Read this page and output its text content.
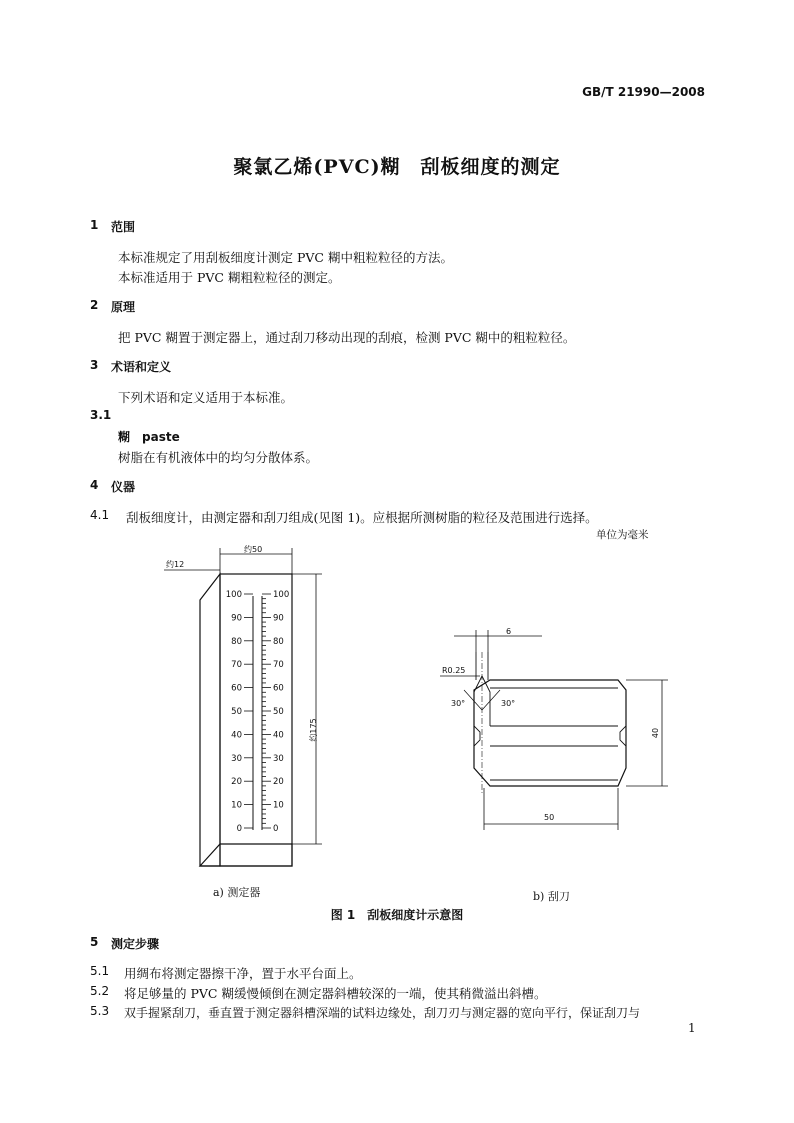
GB/T 21990—2008
聚氯乙烯(PVC)糊　刮板细度的测定
1 范围
本标准规定了用刮板细度计测定 PVC 糊中粗粒粒径的方法。
本标准适用于 PVC 糊粗粒粒径的测定。
2 原理
把 PVC 糊置于测定器上，通过刮刀移动出现的刮痕，检测 PVC 糊中的粗粒粒径。
3 术语和定义
下列术语和定义适用于本标准。
3.1
糊　paste
树脂在有机液体中的均匀分散体系。
4 仪器
4.1 刮板细度计，由测定器和刮刀组成(见图 1)。应根据所测树脂的粒径及范围进行选择。
单位为毫米
约50
约12
约175
100	100
90	90
80	80
70	70
60	60
50	50
40	40
30	30
20	20
10	10
0	0
6
R0.25
30°	30°
40
50
a) 测定器	b) 刮刀
图 1　刮板细度计示意图
5 测定步骤
5.1 用绸布将测定器擦干净，置于水平台面上。
5.2 将足够量的 PVC 糊缓慢倾倒在测定器斜槽较深的一端，使其稍微溢出斜槽。
5.3 双手握紧刮刀，垂直置于测定器斜槽深端的试料边缘处，刮刀刃与测定器的宽向平行，保证刮刀与
1
